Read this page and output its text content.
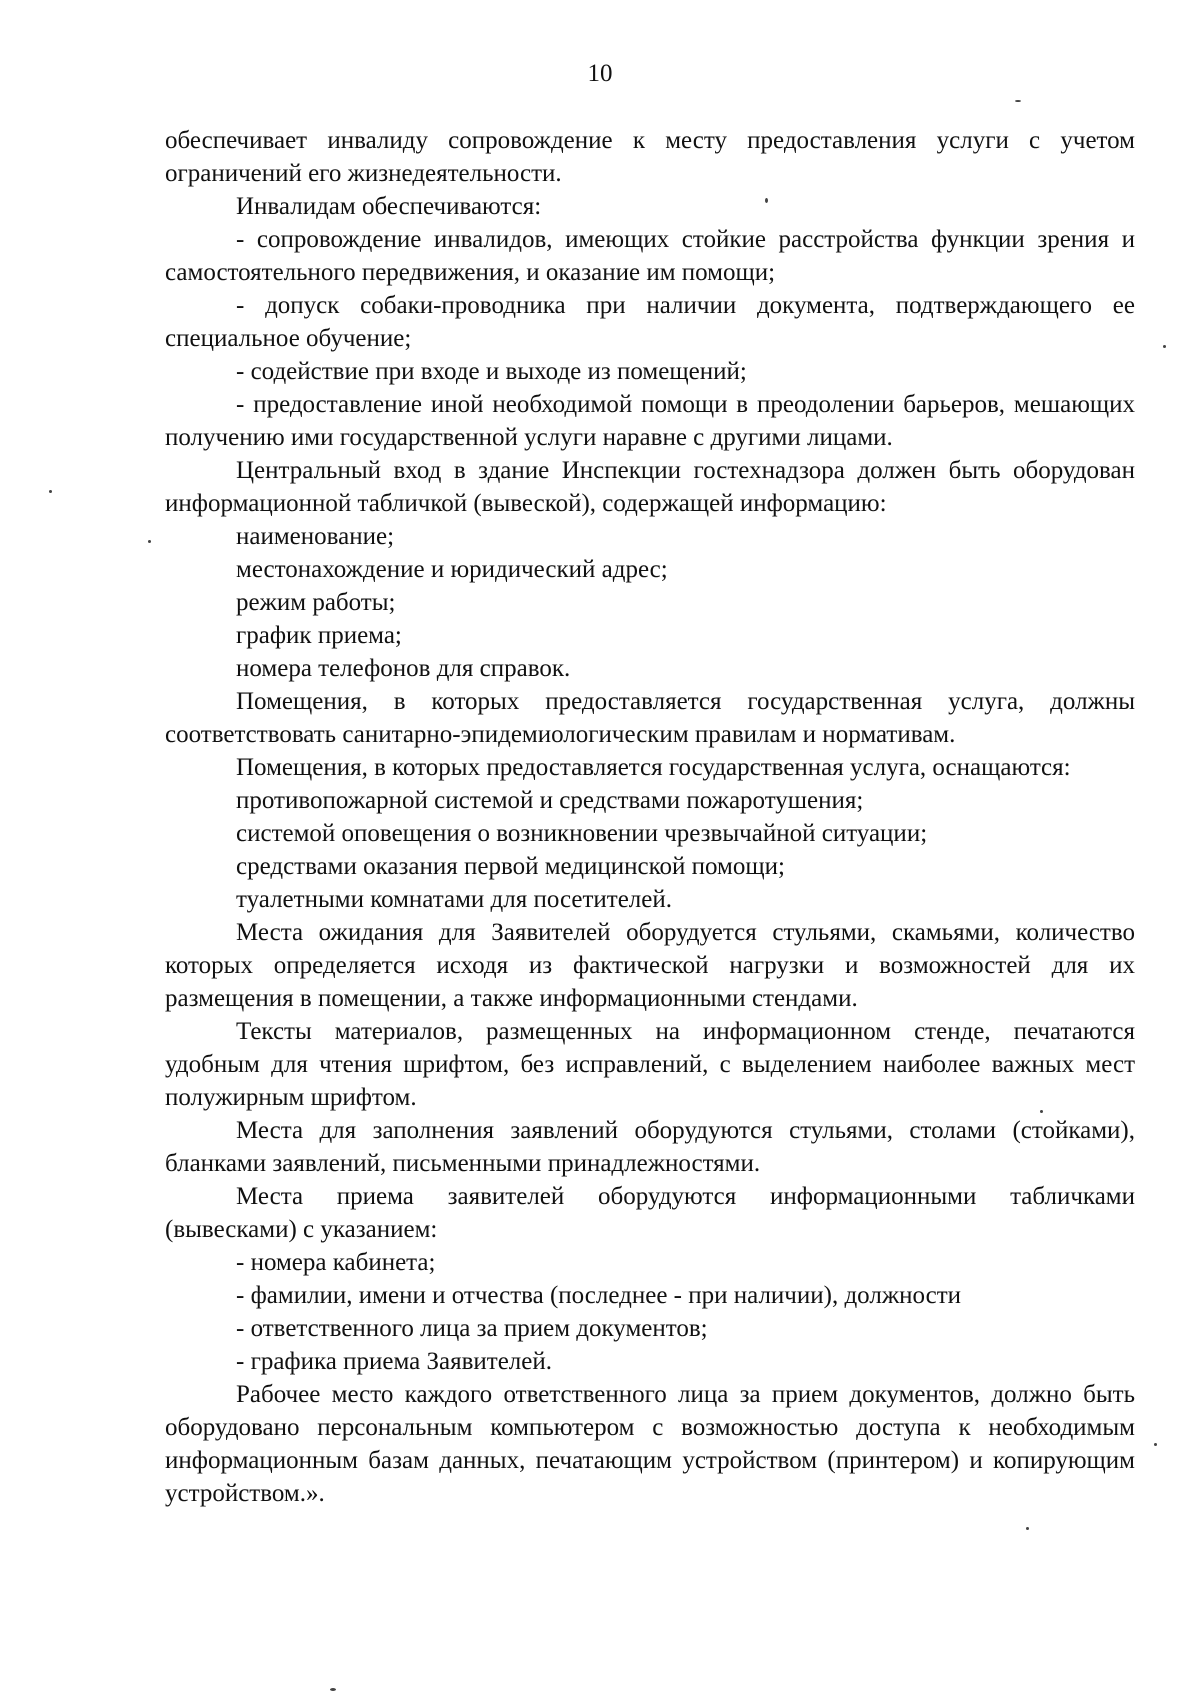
10

обеспечивает инвалиду сопровождение к месту предоставления услуги с учетом ограничений его жизнедеятельности.

Инвалидам обеспечиваются:

- сопровождение инвалидов, имеющих стойкие расстройства функции зрения и самостоятельного передвижения, и оказание им помощи;

- допуск собаки-проводника при наличии документа, подтверждающего ее специальное обучение;

- содействие при входе и выходе из помещений;

- предоставление иной необходимой помощи в преодолении барьеров, мешающих получению ими государственной услуги наравне с другими лицами.

Центральный вход в здание Инспекции гостехнадзора должен быть оборудован информационной табличкой (вывеской), содержащей информацию:

наименование;

местонахождение и юридический адрес;

режим работы;

график приема;

номера телефонов для справок.

Помещения, в которых предоставляется государственная услуга, должны соответствовать санитарно-эпидемиологическим правилам и нормативам.

Помещения, в которых предоставляется государственная услуга, оснащаются:

противопожарной системой и средствами пожаротушения;

системой оповещения о возникновении чрезвычайной ситуации;

средствами оказания первой медицинской помощи;

туалетными комнатами для посетителей.

Места ожидания для Заявителей оборудуется стульями, скамьями, количество которых определяется исходя из фактической нагрузки и возможностей для их размещения в помещении, а также информационными стендами.

Тексты материалов, размещенных на информационном стенде, печатаются удобным для чтения шрифтом, без исправлений, с выделением наиболее важных мест полужирным шрифтом.

Места для заполнения заявлений оборудуются стульями, столами (стойками), бланками заявлений, письменными принадлежностями.

Места приема заявителей оборудуются информационными табличками (вывесками) с указанием:

- номера кабинета;

- фамилии, имени и отчества (последнее - при наличии), должности

- ответственного лица за прием документов;

- графика приема Заявителей.

Рабочее место каждого ответственного лица за прием документов, должно быть оборудовано персональным компьютером с возможностью доступа к необходимым информационным базам данных, печатающим устройством (принтером) и копирующим устройством.».
